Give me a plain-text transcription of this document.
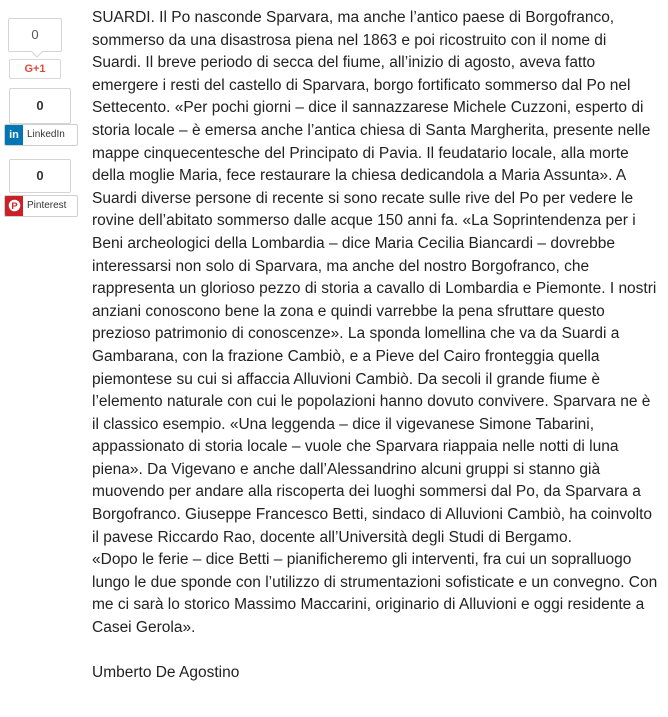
0
G+1
0
in LinkedIn
0
P Pinterest

SUARDI. Il Po nasconde Sparvara, ma anche l’antico paese di Borgofranco, sommerso da una disastrosa piena nel 1863 e poi ricostruito con il nome di Suardi. Il breve periodo di secca del fiume, all’inizio di agosto, aveva fatto emergere i resti del castello di Sparvara, borgo fortificato sommerso dal Po nel Settecento. «Per pochi giorni – dice il sannazzarese Michele Cuzzoni, esperto di storia locale – è emersa anche l’antica chiesa di Santa Margherita, presente nelle mappe cinquecentesche del Principato di Pavia. Il feudatario locale, alla morte della moglie Maria, fece restaurare la chiesa dedicandola a Maria Assunta». A Suardi diverse persone di recente si sono recate sulle rive del Po per vedere le rovine dell’abitato sommerso dalle acque 150 anni fa. «La Soprintendenza per i Beni archeologici della Lombardia – dice Maria Cecilia Biancardi – dovrebbe interessarsi non solo di Sparvara, ma anche del nostro Borgofranco, che rappresenta un glorioso pezzo di storia a cavallo di Lombardia e Piemonte. I nostri anziani conoscono bene la zona e quindi varrebbe la pena sfruttare questo prezioso patrimonio di conoscenze». La sponda lomellina che va da Suardi a Gambarana, con la frazione Cambiò, e a Pieve del Cairo fronteggia quella piemontese su cui si affaccia Alluvioni Cambiò. Da secoli il grande fiume è l’elemento naturale con cui le popolazioni hanno dovuto convivere. Sparvara ne è il classico esempio. «Una leggenda – dice il vigevanese Simone Tabarini, appassionato di storia locale – vuole che Sparvara riappaia nelle notti di luna piena». Da Vigevano e anche dall’Alessandrino alcuni gruppi si stanno già muovendo per andare alla riscoperta dei luoghi sommersi dal Po, da Sparvara a Borgofranco. Giuseppe Francesco Betti, sindaco di Alluvioni Cambiò, ha coinvolto il pavese Riccardo Rao, docente all’Università degli Studi di Bergamo.

«Dopo le ferie – dice Betti – pianificheremo gli interventi, fra cui un sopralluogo lungo le due sponde con l’utilizzo di strumentazioni sofisticate e un convegno. Con me ci sarà lo storico Massimo Maccarini, originario di Alluvioni e oggi residente a Casei Gerola».

Umberto De Agostino
